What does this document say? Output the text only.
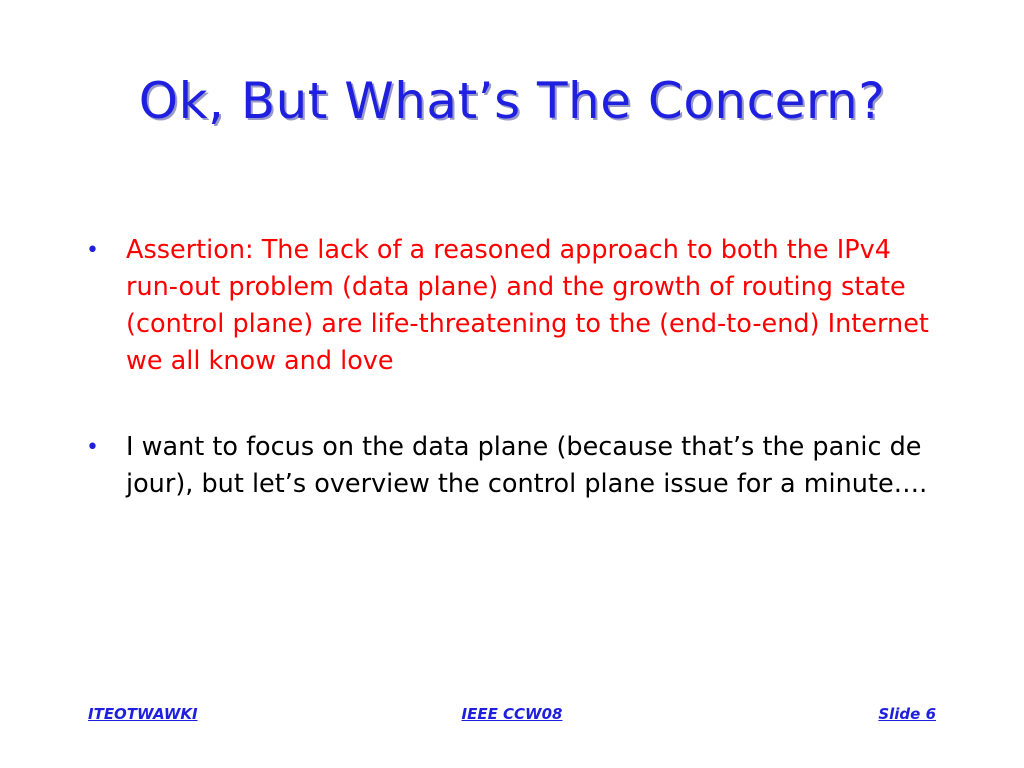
Ok, But What’s The Concern?
• Assertion: The lack of a reasoned approach to both the IPv4 run-out problem (data plane) and the growth of routing state (control plane) are life-threatening to the (end-to-end) Internet we all know and love
• I want to focus on the data plane (because that’s the panic de jour), but let’s overview the control plane issue for a minute….
ITEOTWAWKI	IEEE CCW08	Slide 6
